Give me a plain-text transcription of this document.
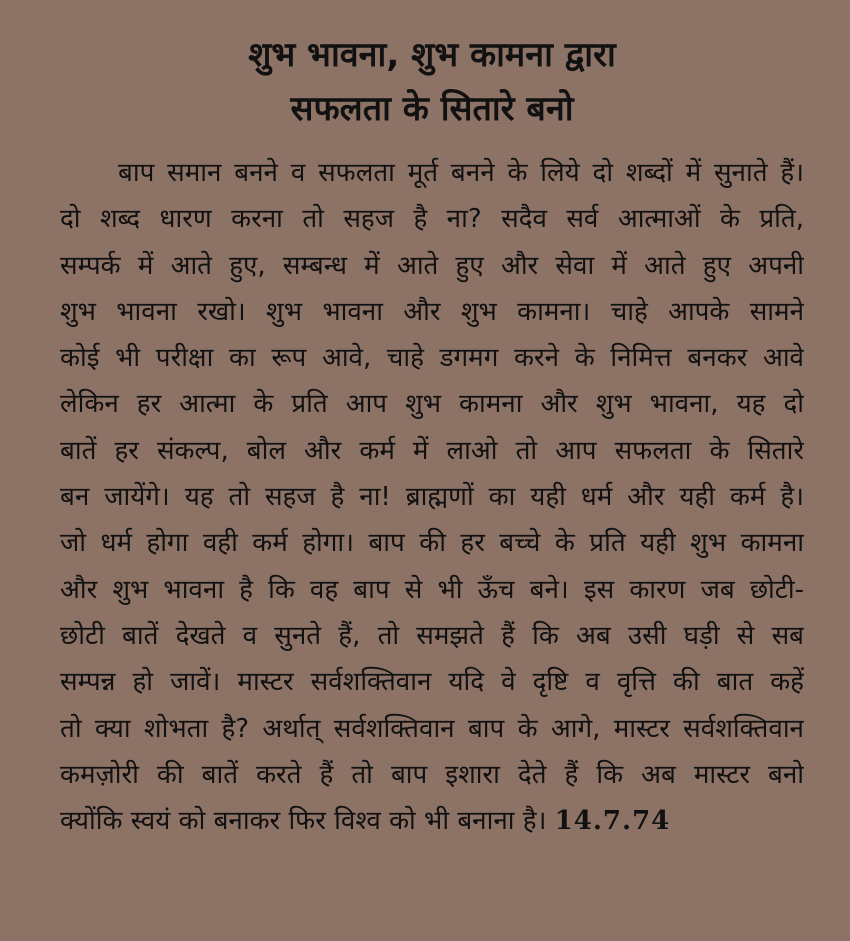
शुभ भावना, शुभ कामना द्वारा
सफलता के सितारे बनो
बाप समान बनने व सफलता मूर्त बनने के लिये दो शब्दों में सुनाते हैं।
दो शब्द धारण करना तो सहज है ना? सदैव सर्व आत्माओं के प्रति,
सम्पर्क में आते हुए, सम्बन्ध में आते हुए और सेवा में आते हुए अपनी
शुभ भावना रखो। शुभ भावना और शुभ कामना। चाहे आपके सामने
कोई भी परीक्षा का रूप आवे, चाहे डगमग करने के निमित्त बनकर आवे
लेकिन हर आत्मा के प्रति आप शुभ कामना और शुभ भावना, यह दो
बातें हर संकल्प, बोल और कर्म में लाओ तो आप सफलता के सितारे
बन जायेंगे। यह तो सहज है ना! ब्राह्मणों का यही धर्म और यही कर्म है।
जो धर्म होगा वही कर्म होगा। बाप की हर बच्चे के प्रति यही शुभ कामना
और शुभ भावना है कि वह बाप से भी ऊँच बने। इस कारण जब छोटी-
छोटी बातें देखते व सुनते हैं, तो समझते हैं कि अब उसी घड़ी से सब
सम्पन्न हो जावें। मास्टर सर्वशक्तिवान यदि वे दृष्टि व वृत्ति की बात कहें
तो क्या शोभता है? अर्थात् सर्वशक्तिवान बाप के आगे, मास्टर सर्वशक्तिवान
कमज़ोरी की बातें करते हैं तो बाप इशारा देते हैं कि अब मास्टर बनो
क्योंकि स्वयं को बनाकर फिर विश्व को भी बनाना है। 14.7.74
